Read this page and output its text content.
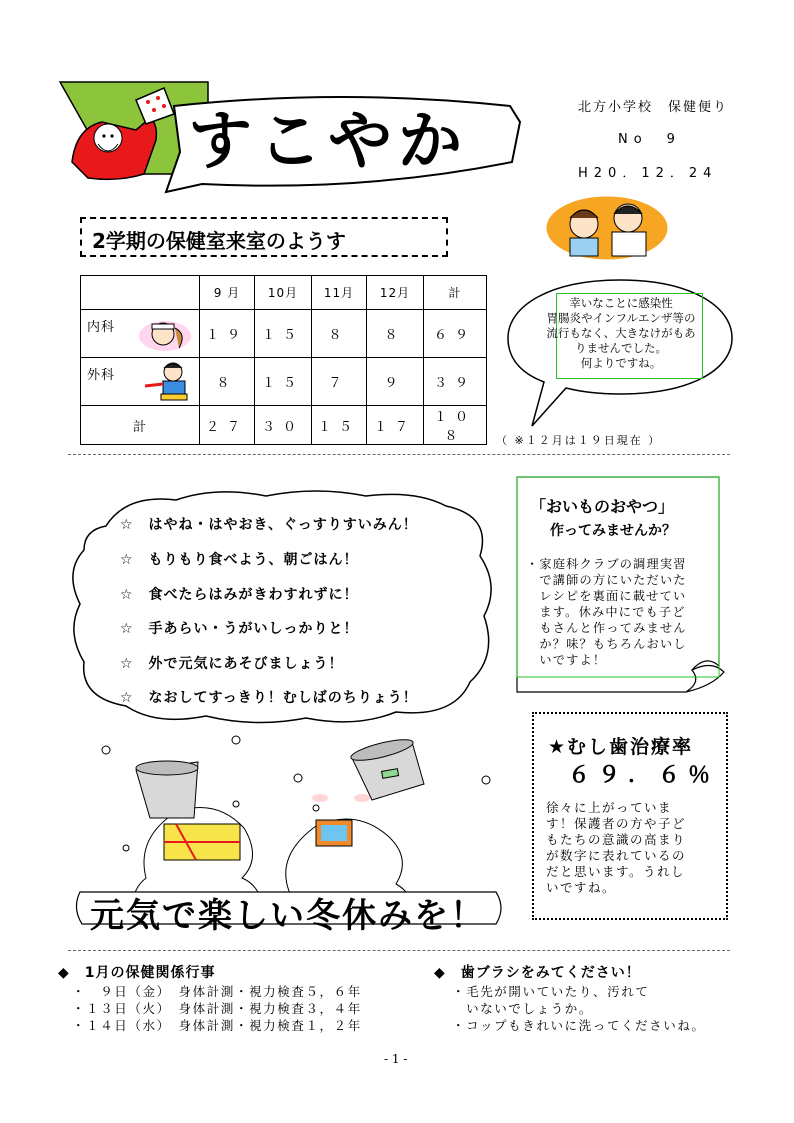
すこやか	北方小学校　保健便り
No　9
H20．12．24
2学期の保健室来室のようす
	9 月	10月	11月	12月	計
内科	１９	１５	８	８	６９
外科	８	１５	７	９	３９
計	２７	３０	１５	１７	１０８	（ ※１２月は１９日現在 ）
幸いなことに感染性
胃腸炎やインフルエンザ等の
流行もなく、大きなけがもあ
りませんでした。
何よりですね。
☆　はやね・はやおき、ぐっすりすいみん！
☆　もりもり食べよう、朝ごはん！
☆　食べたらはみがきわすれずに！
☆　手あらい・うがいしっかりと！
☆　外で元気にあそびましょう！
☆　なおしてすっきり！むしばのちりょう！
「おいものおやつ」
作ってみませんか？
・家庭科クラブの調理実習
　で講師の方にいただいた
　レシピを裏面に載せてい
　ます。休み中にでも子ど
　もさんと作ってみません
　か？味？もちろんおいし
　いですよ！
元気で楽しい冬休みを！
★むし歯治療率
６９．６％
徐々に上がっていま
す！保護者の方や子ど
もたちの意識の高まり
が数字に表れているの
だと思います。うれし
いですね。
◆　1月の保健関係行事
・　９日（金）　身体計測・視力検査５，６年
・１３日（火）　身体計測・視力検査３，４年
・１４日（水）　身体計測・視力検査１，２年
◆　歯ブラシをみてください！
・毛先が開いていたり、汚れて
　いないでしょうか。
・コップもきれいに洗ってくださいね。
- 1 -
